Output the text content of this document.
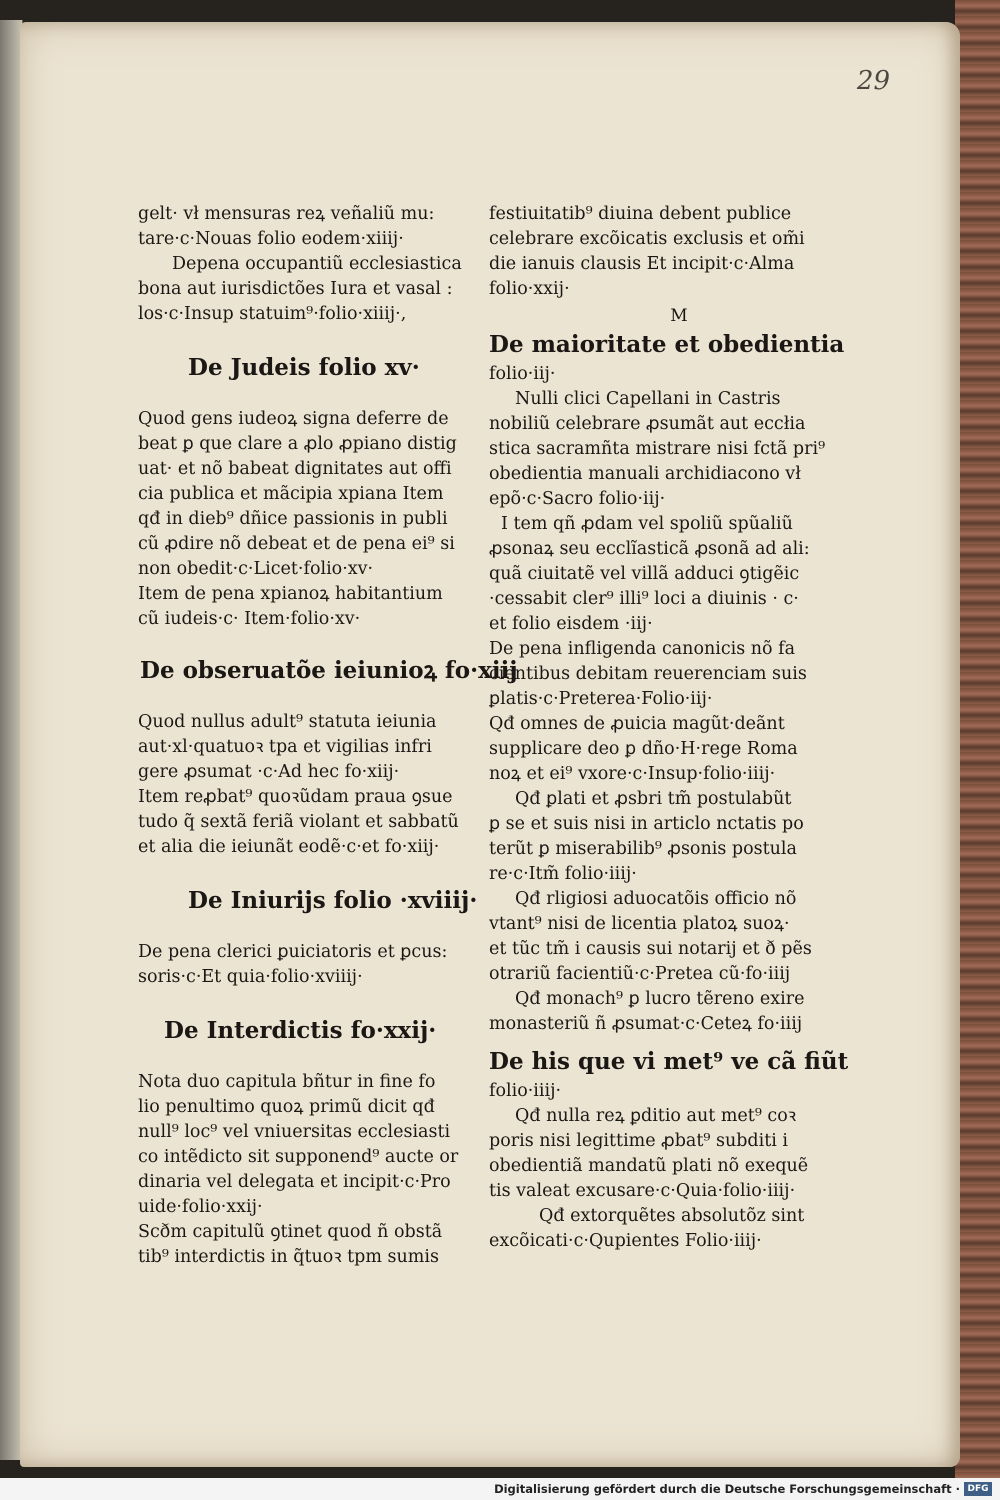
29
gelt· vł mensuras reꝝ veñaliũ mu:
tare·c·Nouas folio eodem·xiiij·
Depena occupantiũ ecclesiastica
bona aut iurisdictões Iura et vasal :
los·c·Insup statuim⁹·folio·xiiij·,
De Judeis folio xv·
Quod gens iudeoꝝ signa deferre de
beat ꝑ que clare a ꝓlo ꝓpiano distig
uat· et nõ babeat dignitates aut offi
cia publica et mãcipia xpiana Item
qđ in dieb⁹ dñice passionis in publi
cũ ꝓdire nõ debeat et de pena ei⁹ si
non obedit·c·Licet·folio·xv·
Item de pena xpianoꝝ habitantium
cũ iudeis·c· Item·folio·xv·
De obseruatõe ieiunioꝝ fo·xiij
Quod nullus adult⁹ statuta ieiunia
aut·xl·quatuoꝛ tpa et vigilias infri
gere ꝓsumat ·c·Ad hec fo·xiij·
Item reꝓbat⁹ quoꝛũdam praua ꝯsue
tudo q̃ sextã feriã violant et sabbatũ
et alia die ieiunãt eodẽ·c·et fo·xiij·
De Iniurijs folio ·xviiij·
De pena clerici ꝑuiciatoris et ꝑcus:
soris·c·Et quia·folio·xviiij·
De Interdictis fo·xxij·
Nota duo capitula bñtur in fine fo
lio penultimo quoꝝ primũ dicit qđ
null⁹ loc⁹ vel vniuersitas ecclesiasti
co intẽdicto sit supponend⁹ aucte or
dinaria vel delegata et incipit·c·Pro
uide·folio·xxij·
Scðm capitulũ ꝯtinet quod ñ obstã
tib⁹ interdictis in q̃tuoꝛ tpm sumis
festiuitatib⁹ diuina debent publice
celebrare excõicatis exclusis et om̃i
die ianuis clausis Et incipit·c·Alma
folio·xxij·
M
De maioritate et obedientia
folio·iij·
Nulli clici Capellani in Castris
nobiliũ celebrare ꝓsumãt aut eccłia
stica sacramñta mistrare nisi fctã pri⁹
obedientia manuali archidiacono vł
epõ·c·Sacro folio·iij·
I tem qñ ꝓdam vel spoliũ spũaliũ
ꝓsonaꝝ seu ecclĩasticã ꝓsonã ad ali:
quã ciuitatẽ vel villã adduci ꝯtigẽic
·cessabit cler⁹ illi⁹ loci a diuinis · c·
et folio eisdem ·iij·
De pena infligenda canonicis nõ fa
cientibus debitam reuerenciam suis
ꝑlatis·c·Preterea·Folio·iij·
Qđ omnes de ꝓuicia magũt·deãnt
supplicare deo ꝑ dño·H·rege Roma
noꝝ et ei⁹ vxore·c·Insup·folio·iiij·
Qđ ꝑlati et ꝓsbri tm̃ postulabũt
ꝑ se et suis nisi in articlo nctatis po
terũt ꝑ miserabilib⁹ ꝓsonis postula
re·c·Itm̃ folio·iiij·
Qđ rligiosi aduocatõis officio nõ
vtant⁹ nisi de licentia platoꝝ suoꝝ·
et tũc tm̃ i causis sui notarij et ð pẽs
otrariũ facientiũ·c·Pretea cũ·fo·iiij
Qđ monach⁹ ꝑ lucro tẽreno exire
monasteriũ ñ ꝓsumat·c·Ceteꝝ fo·iiij
De his que vi met⁹ ve cã fiũt
folio·iiij·
Qđ nulla reꝝ ꝑditio aut met⁹ coꝛ
poris nisi legittime ꝓbat⁹ subditi i
obedientiã mandatũ plati nõ exequẽ
tis valeat excusare·c·Quia·folio·iiij·
Qđ extorquẽtes absolutõz sint
excõicati·c·Qupientes Folio·iiij·
Digitalisierung gefördert durch die Deutsche Forschungsgemeinschaft · DFG
